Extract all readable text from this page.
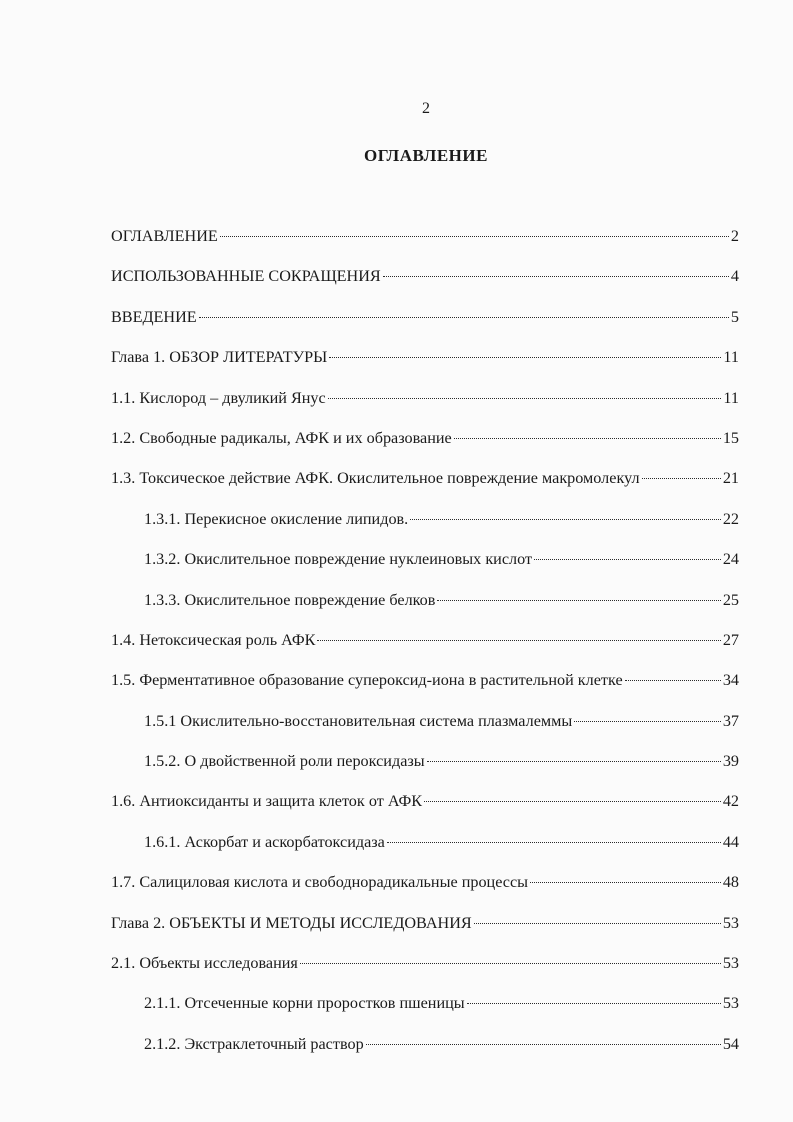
2
ОГЛАВЛЕНИЕ
ОГЛАВЛЕНИЕ	2
ИСПОЛЬЗОВАННЫЕ СОКРАЩЕНИЯ	4
ВВЕДЕНИЕ	5
Глава 1. ОБЗОР ЛИТЕРАТУРЫ	11
1.1. Кислород – двуликий Янус	11
1.2. Свободные радикалы, АФК и их образование	15
1.3. Токсическое действие АФК. Окислительное повреждение макромолекул	21
1.3.1. Перекисное окисление липидов.	22
1.3.2. Окислительное повреждение нуклеиновых кислот	24
1.3.3. Окислительное повреждение белков	25
1.4. Нетоксическая роль АФК	27
1.5. Ферментативное образование супероксид-иона в растительной клетке	34
1.5.1 Окислительно-восстановительная система плазмалеммы	37
1.5.2. О двойственной роли пероксидазы	39
1.6. Антиоксиданты и защита клеток от АФК	42
1.6.1. Аскорбат и аскорбатоксидаза	44
1.7. Салициловая кислота и свободнорадикальные процессы	48
Глава 2. ОБЪЕКТЫ И МЕТОДЫ ИССЛЕДОВАНИЯ	53
2.1. Объекты исследования	53
2.1.1. Отсеченные корни проростков пшеницы	53
2.1.2. Экстраклеточный раствор	54
